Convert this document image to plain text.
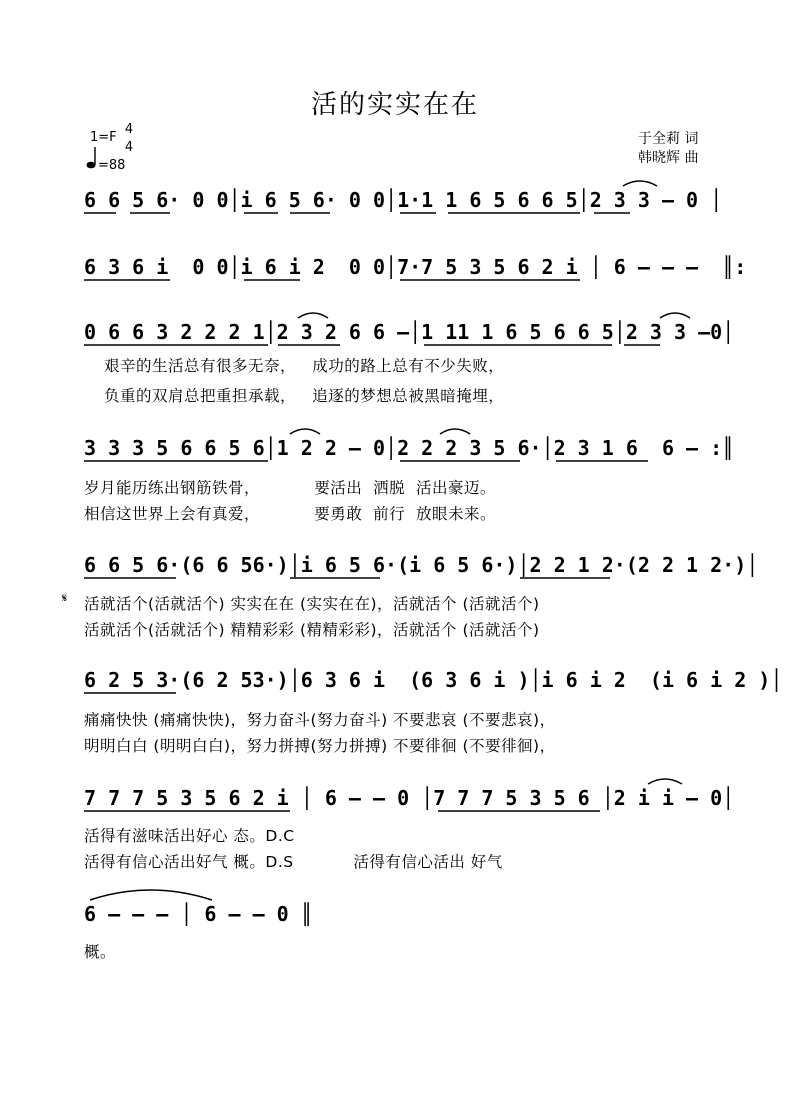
活的实实在在
1=F
4
4
=88
于全莉 词
韩晓辉 曲
6 6 5 6· 0 0│i 6 5 6· 0 0│1·1 1 6 5 6 6 5│2 3 3 – 0 │
6 3 6 i  0 0│i 6 i 2  0 0│7·7 5 3 5 6 2 i │ 6 – – –  ║:
0 6 6 3 2 2 2 1│2 3 2 6 6 –│1 11 1 6 5 6 6 5│2 3 3 –0│
艰辛的生活总有很多无奈，   成功的路上总有不少失败，
负重的双肩总把重担承载，   追逐的梦想总被黑暗掩埋，
3 3 3 5 6 6 5 6│1 2 2 – 0│2 2 2 3 5 6·│2 3 1 6  6 – :║
岁月能历练出钢筋铁骨，          要活出  洒脱  活出豪迈。
相信这世界上会有真爱，          要勇敢  前行  放眼未来。
6 6 5 6·(6 6 56·)│i 6 5 6·(i 6 5 6·)│2 2 1 2·(2 2 1 2·)│
𝄋 活就活个(活就活个) 实实在在 (实实在在)，活就活个 (活就活个)
活就活个(活就活个) 精精彩彩 (精精彩彩)，活就活个 (活就活个)
6 2 5 3·(6 2 53·)│6 3 6 i  (6 3 6 i )│i 6 i 2  (i 6 i 2 )│
痛痛快快 (痛痛快快)，努力奋斗(努力奋斗) 不要悲哀 (不要悲哀)，
明明白白 (明明白白)，努力拼搏(努力拼搏) 不要徘徊 (不要徘徊)，
7 7 7 5 3 5 6 2 i │ 6 – – 0 │7 7 7 5 3 5 6 │2 i i – 0│
活得有滋味活出好心 态。D.C
活得有信心活出好气 概。D.S           活得有信心活出 好气
6 – – – │ 6 – – 0 ║
概。
